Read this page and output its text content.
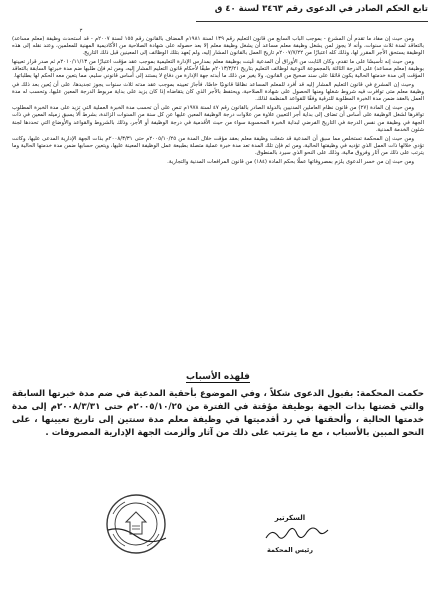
تابع الحكم الصادر في الدعوى رقم ٣٤٦٣ لسنة ٤٠ ق
٣

ومن حيث إن مفاد ما تقدم أن المشرع - بموجب الباب السابع من قانون التعليم رقم ١٣٩ لسنة ١٩٨١م المضاف بالقانون رقم ١٥٥ لسنة ٢٠٠٧م - قد استحدث وظيفة (معلم مساعد) بالتعاقد لمدة ثلاث سنوات، وأنه لا يجوز لمن يشغل وظيفة معلم مساعد أن يشغل وظيفة معلم إلا بعد حصوله على شهادة الصلاحية من الأكاديمية المهنية للمعلمين، وعند نقله إلى هذه الوظيفة يستحق الأجر المقرر لها، وذلك كله اعتبارًا من ٢٠٠٧/٧/٢٢م تاريخ العمل بالقانون المشار إليه، ولم يُعهد بتلك الوظائف إلى المعينين قبل ذلك التاريخ.

ومن حيث إنه تأسيسًا على ما تقدم، وكان الثابت من الأوراق أن المدعية عُينت بوظيفة معلم بمدارس الإدارة التعليمية بموجب عقد مؤقت اعتبارًا من ٢٠١٠/١١/١٣م ثم صدر قرار تعيينها بوظيفة (معلم مساعد) على الدرجة الثالثة بالمجموعة النوعية لوظائف التعليم بتاريخ ٢٠١٣/٣/٢١م طبقًا لأحكام قانون التعليم المشار إليه، ومن ثم فإن طلبها ضم مدة خبرتها السابقة بالتعاقد المؤقت إلى مدة خدمتها الحالية يكون قائمًا على سند صحيح من القانون، ولا يغير من ذلك ما أبدته جهة الإدارة من دفاع لا يستند إلى أساس قانوني سليم، مما يتعين معه الحكم لها بطلباتها.

وحيث إن المشرع في قانون التعليم المشار إليه قد أفرد للمعلم المساعد نظامًا قانونيًا خاصًا، فأجاز تعيينه بموجب عقد مدته ثلاث سنوات يجوز تجديدها، على أن يُعين بعد ذلك في وظيفة معلم متى توافرت فيه شروط شغلها ومنها الحصول على شهادة الصلاحية، ويحتفظ بالأجر الذي كان يتقاضاه إذا كان يزيد على بداية مربوط الدرجة المعين عليها، وتحسب له مدة العمل بالعقد ضمن مدة الخبرة المطلوبة للترقية وفقًا للقواعد المنظمة لذلك.

ومن حيث إن المادة (٢٧) من قانون نظام العاملين المدنيين بالدولة الصادر بالقانون رقم ٤٧ لسنة ١٩٧٨م تنص على أن تحسب مدة الخبرة العملية التي تزيد على مدة الخبرة المطلوب توافرها لشغل الوظيفة على أساس أن تضاف إلى بداية أجر التعيين علاوة من علاوات درجة الوظيفة المعين عليها عن كل سنة من السنوات الزائدة، بشرط ألا يسبق زميله المعين في ذات الجهة في وظيفة من نفس الدرجة في التاريخ الفرضي لبداية الخبرة المحسوبة سواء من حيث الأقدمية في درجة الوظيفة أو الأجر، وذلك بالشروط والقواعد والأوضاع التي تحددها لجنة شئون الخدمة المدنية.

ومن حيث إن المحكمة تستخلص مما سبق أن المدعية قد شغلت وظيفة معلم بعقد مؤقت خلال المدة من ٢٠٠٥/١٠/٢٥م حتى ٢٠٠٨/٣/٣١م بذات الجهة الإدارية المدعى عليها، وكانت تؤدي خلالها ذات العمل الذي تؤديه في وظيفتها الحالية، ومن ثم فإن تلك المدة تعد مدة خبرة عملية متصلة بطبيعة عمل الوظيفة المعينة عليها، ويتعين حسابها ضمن مدة خدمتها الحالية وما يترتب على ذلك من آثار وفروق مالية، وذلك على النحو الذي سيرد بالمنطوق.

ومن حيث إن من خسر الدعوى يلزم بمصروفاتها عملًا بحكم المادة (١٨٤) من قانون المرافعات المدنية والتجارية.

فلهذه الأسباب

حكمت المحكمة: بقبول الدعوى شكلاً ، وفي الموضوع بأحقية المدعية في ضم مدة خبرتها السابقة والتي قضتها بذات الجهة بوظيفة مؤقتة في الفترة من ٢٠٠٥/١٠/٢٥م حتى ٢٠٠٨/٣/٣١م إلى مدة خدمتها الحالية ، وألحقتها في رد أقدميتها في وظيفة معلم مدة سنتين إلى تاريخ تعيينها ، على النحو المبين بالأسباب ، مع ما يترتب على ذلك من آثار وألزمت الجهة الإدارية المصروفات .

السكرتير
رئيس المحكمة
